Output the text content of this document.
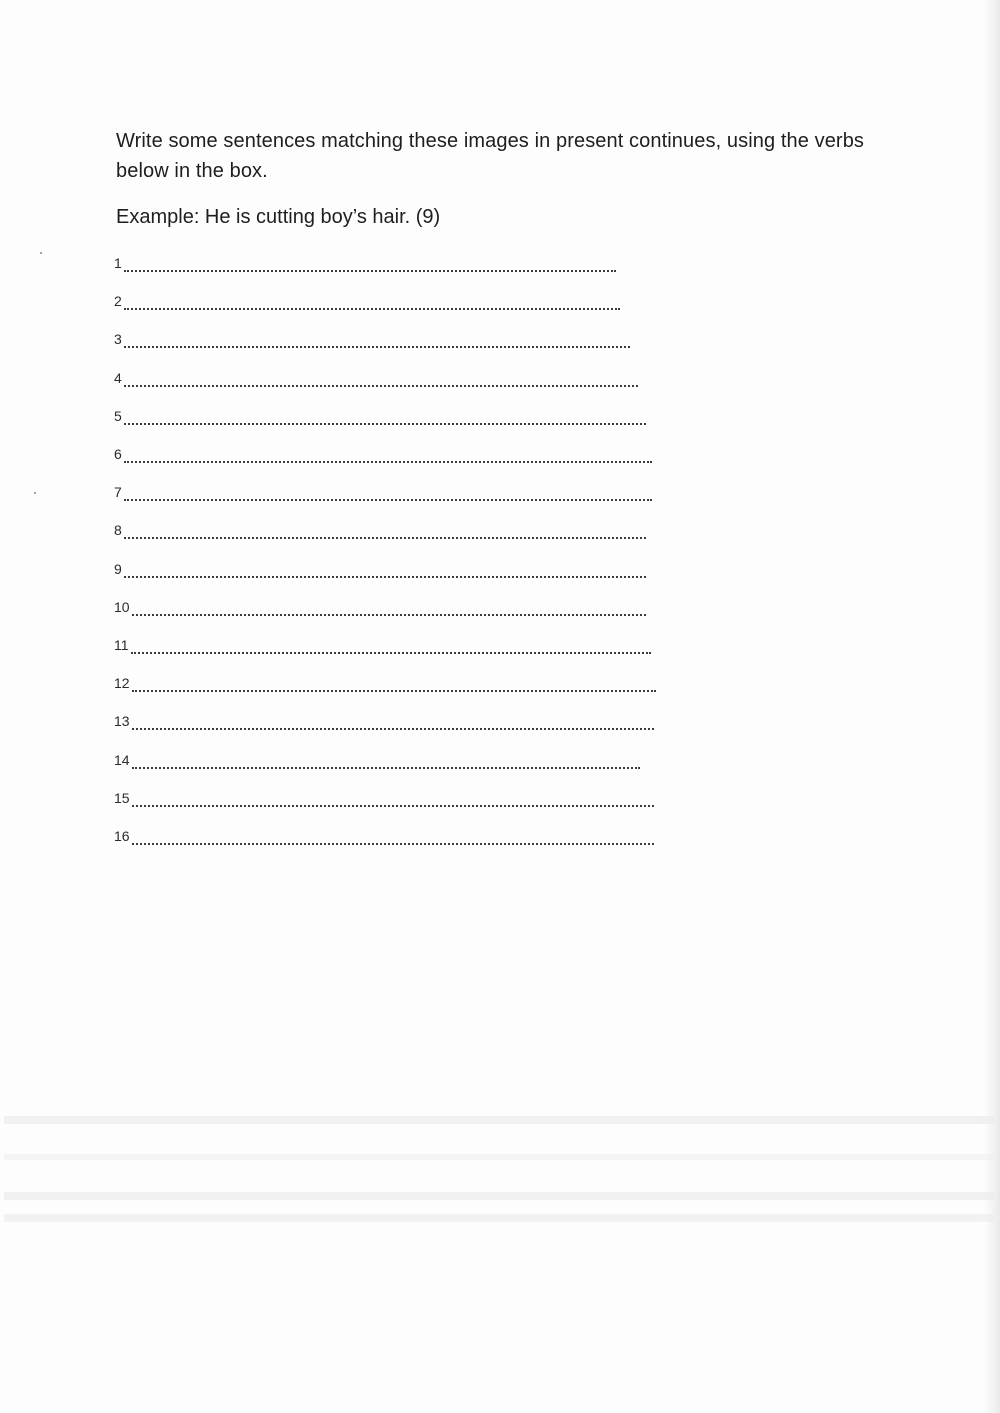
Write some sentences matching these images in present continues, using the verbs below in the box.

Example: He is cutting boy’s hair. (9)

1
2
3
4
5
6
7
8
9
10
11
12
13
14
15
16
